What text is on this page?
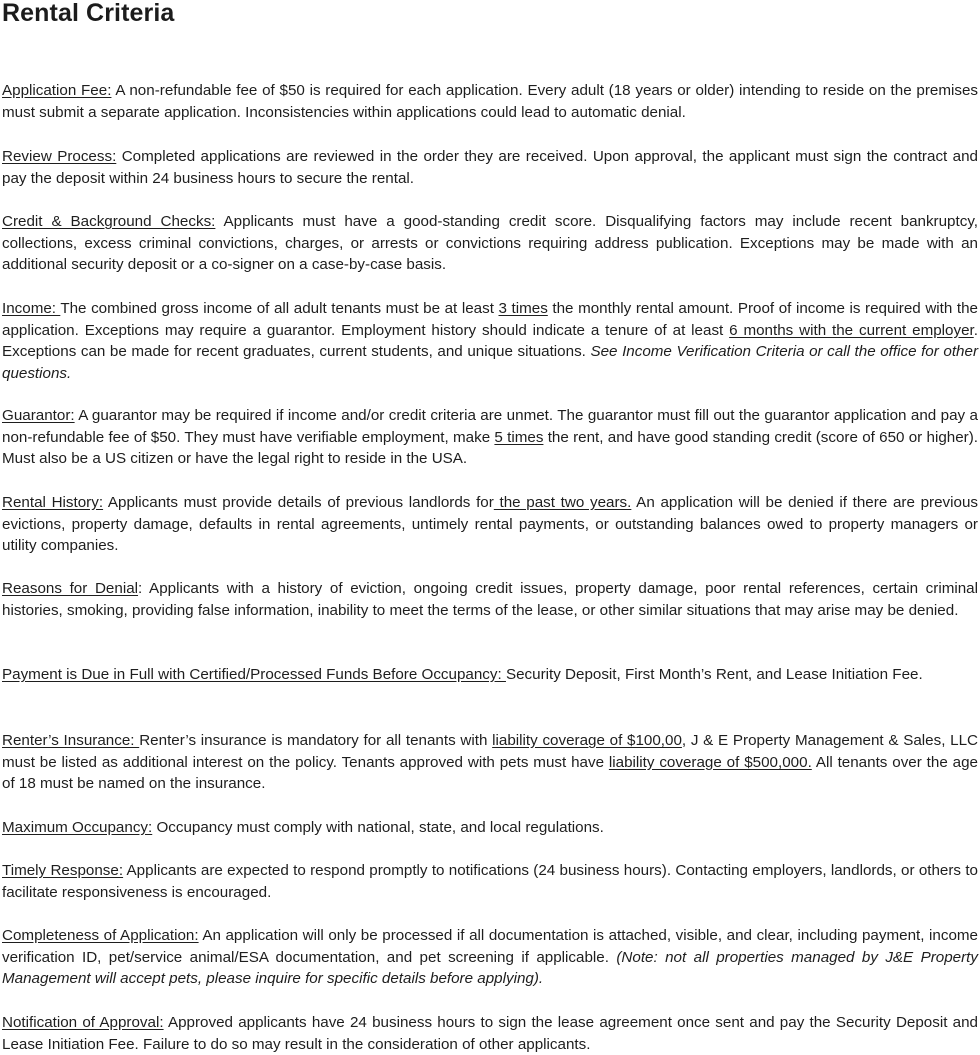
Rental Criteria

Application Fee: A non-refundable fee of $50 is required for each application. Every adult (18 years or older) intending to reside on the premises must submit a separate application. Inconsistencies within applications could lead to automatic denial.

Review Process: Completed applications are reviewed in the order they are received. Upon approval, the applicant must sign the contract and pay the deposit within 24 business hours to secure the rental.

Credit & Background Checks: Applicants must have a good-standing credit score. Disqualifying factors may include recent bankruptcy, collections, excess criminal convictions, charges, or arrests or convictions requiring address publication. Exceptions may be made with an additional security deposit or a co-signer on a case-by-case basis.

Income: The combined gross income of all adult tenants must be at least 3 times the monthly rental amount. Proof of income is required with the application. Exceptions may require a guarantor. Employment history should indicate a tenure of at least 6 months with the current employer. Exceptions can be made for recent graduates, current students, and unique situations. See Income Verification Criteria or call the office for other questions.

Guarantor: A guarantor may be required if income and/or credit criteria are unmet. The guarantor must fill out the guarantor application and pay a non-refundable fee of $50. They must have verifiable employment, make 5 times the rent, and have good standing credit (score of 650 or higher). Must also be a US citizen or have the legal right to reside in the USA.

Rental History: Applicants must provide details of previous landlords for the past two years. An application will be denied if there are previous evictions, property damage, defaults in rental agreements, untimely rental payments, or outstanding balances owed to property managers or utility companies.

Reasons for Denial: Applicants with a history of eviction, ongoing credit issues, property damage, poor rental references, certain criminal histories, smoking, providing false information, inability to meet the terms of the lease, or other similar situations that may arise may be denied.

Payment is Due in Full with Certified/Processed Funds Before Occupancy: Security Deposit, First Month’s Rent, and Lease Initiation Fee.

Renter’s Insurance: Renter’s insurance is mandatory for all tenants with liability coverage of $100,00, J & E Property Management & Sales, LLC must be listed as additional interest on the policy. Tenants approved with pets must have liability coverage of $500,000. All tenants over the age of 18 must be named on the insurance.

Maximum Occupancy: Occupancy must comply with national, state, and local regulations.

Timely Response: Applicants are expected to respond promptly to notifications (24 business hours). Contacting employers, landlords, or others to facilitate responsiveness is encouraged.

Completeness of Application: An application will only be processed if all documentation is attached, visible, and clear, including payment, income verification ID, pet/service animal/ESA documentation, and pet screening if applicable. (Note: not all properties managed by J&E Property Management will accept pets, please inquire for specific details before applying).

Notification of Approval: Approved applicants have 24 business hours to sign the lease agreement once sent and pay the Security Deposit and Lease Initiation Fee. Failure to do so may result in the consideration of other applicants.
